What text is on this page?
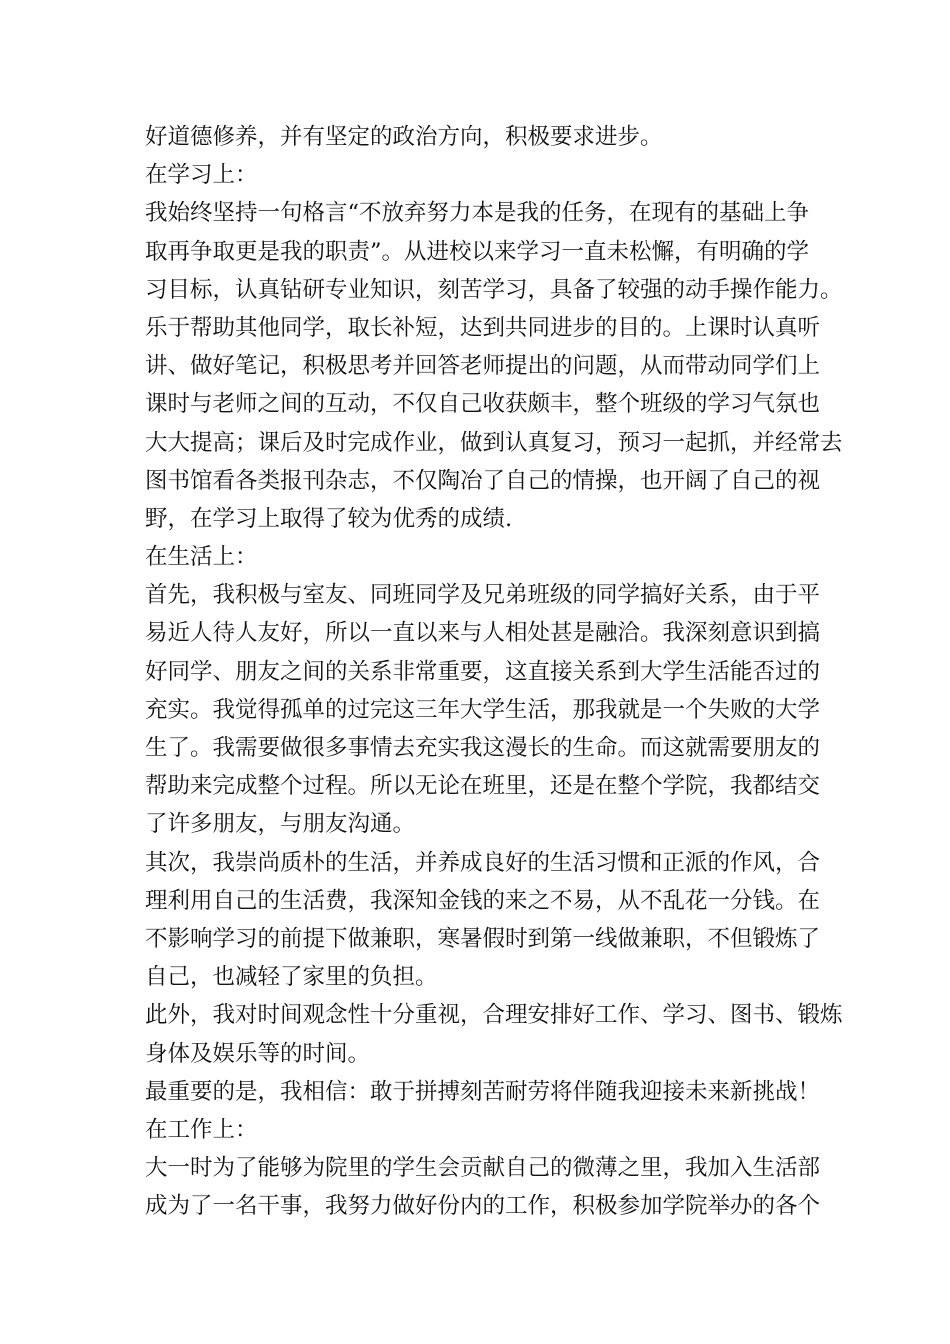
好道德修养，并有坚定的政治方向，积极要求进步。
在学习上：
我始终坚持一句格言“不放弃努力本是我的任务，在现有的基础上争
取再争取更是我的职责”。从进校以来学习一直未松懈，有明确的学
习目标，认真钻研专业知识，刻苦学习，具备了较强的动手操作能力。
乐于帮助其他同学，取长补短，达到共同进步的目的。上课时认真听
讲、做好笔记，积极思考并回答老师提出的问题，从而带动同学们上
课时与老师之间的互动，不仅自己收获颇丰，整个班级的学习气氛也
大大提高；课后及时完成作业，做到认真复习，预习一起抓，并经常去
图书馆看各类报刊杂志，不仅陶冶了自己的情操，也开阔了自己的视
野，在学习上取得了较为优秀的成绩.
在生活上：
首先，我积极与室友、同班同学及兄弟班级的同学搞好关系，由于平
易近人待人友好，所以一直以来与人相处甚是融洽。我深刻意识到搞
好同学、朋友之间的关系非常重要，这直接关系到大学生活能否过的
充实。我觉得孤单的过完这三年大学生活，那我就是一个失败的大学
生了。我需要做很多事情去充实我这漫长的生命。而这就需要朋友的
帮助来完成整个过程。所以无论在班里，还是在整个学院，我都结交
了许多朋友，与朋友沟通。
其次，我崇尚质朴的生活，并养成良好的生活习惯和正派的作风，合
理利用自己的生活费，我深知金钱的来之不易，从不乱花一分钱。在
不影响学习的前提下做兼职，寒暑假时到第一线做兼职，不但锻炼了
自己，也减轻了家里的负担。
此外，我对时间观念性十分重视，合理安排好工作、学习、图书、锻炼
身体及娱乐等的时间。
最重要的是，我相信：敢于拼搏刻苦耐劳将伴随我迎接未来新挑战！
在工作上：
大一时为了能够为院里的学生会贡献自己的微薄之里，我加入生活部
成为了一名干事，我努力做好份内的工作，积极参加学院举办的各个
